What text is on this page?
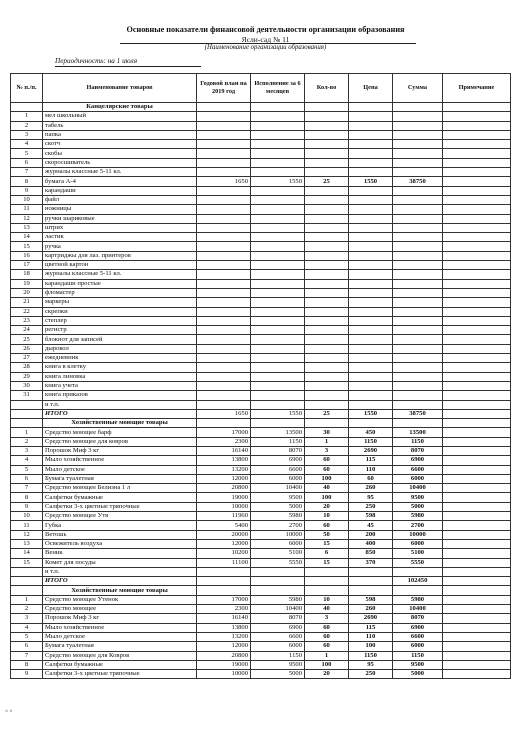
Основные показатели финансовой деятельности организации образования
Ясли-сад № 11
(Наименование организации образования)
Периодичность: на 1 июля
№ п./п.	Наименование товаров	Годовой план на 2019 год	Исполнение за 6 месяцев	Кол-во	Цена	Сумма	Примечание
	Канцелярские товары						
1	мел школьный						
2	табель						
3	папка						
4	скотч						
5	скобы						
6	скоросшиватель						
7	журналы классные 5-11 кл.						
8	бумага А-4	1650	1550	25	1550	38750	
9	карандаши						
10	файл						
11	ножницы						
12	ручки шариковые						
13	штрих						
14	ластик						
15	ручка						
16	картриджы для лаз. принтеров						
17	цветной картон						
18	журналы классные 5-11 кл.						
19	карандаши простые						
20	фломастер						
21	маркеры						
22	скрепки						
23	степлер						
24	регистр						
25	блокнот для записей						
26	дырокол						
27	ежедневник						
28	книга в клетку						
29	книга линовка						
30	книга учета						
31	книга приказов						
	и т.п.						
	ИТОГО	1650	1550	25	1550	38750	
	Хозяйственные моющие товары						
1	Средство моющее барф	17000	13500	30	450	13500	
2	Средство моющее для ковров	2300	1150	1	1150	1150	
3	Порошок Миф 3 кг	16140	8070	3	2690	8070	
4	Мыло хозяйственное	13800	6900	60	115	6900	
5	Мыло детское	13200	6600	60	110	6600	
6	Бумага туалетная	12000	6000	100	60	6000	
7	Средство моющее Белизна 1 л	20800	10400	40	260	10400	
8	Салфетки бумажные	19000	9500	100	95	9500	
9	Салфетки 3-х цветные тряпочные	10000	5000	20	250	5000	
10	Средство моющее Утя	11960	5980	10	598	5980	
11	Губка	5400	2700	60	45	2700	
12	Ветошь	20000	10000	50	200	10000	
13	Освежитель воздуха	12000	6000	15	400	6000	
14	Веник	10200	5100	6	850	5100	
15	Комет для посуды	11100	5550	15	370	5550	
	и т.п.						
	ИТОГО					102450	
	Хозяйственные моющие товары						
1	Средство моющее Утенок	17000	5980	10	598	5980	
2	Средство моющее	2300	10400	40	260	10400	
3	Порошок Миф 3 кг	16140	8070	3	2690	8070	
4	Мыло хозяйственное	13800	6900	60	115	6900	
5	Мыло детское	13200	6600	60	110	6600	
6	Бумага туалетная	12000	6000	60	100	6000	
7	Средство моющее для Ковров	20800	1150	1	1150	1150	
8	Салфетки бумажные	19000	9500	100	95	9500	
9	Салфетки 3-х цветные тряпочные	10000	5000	20	250	5000	
« »
